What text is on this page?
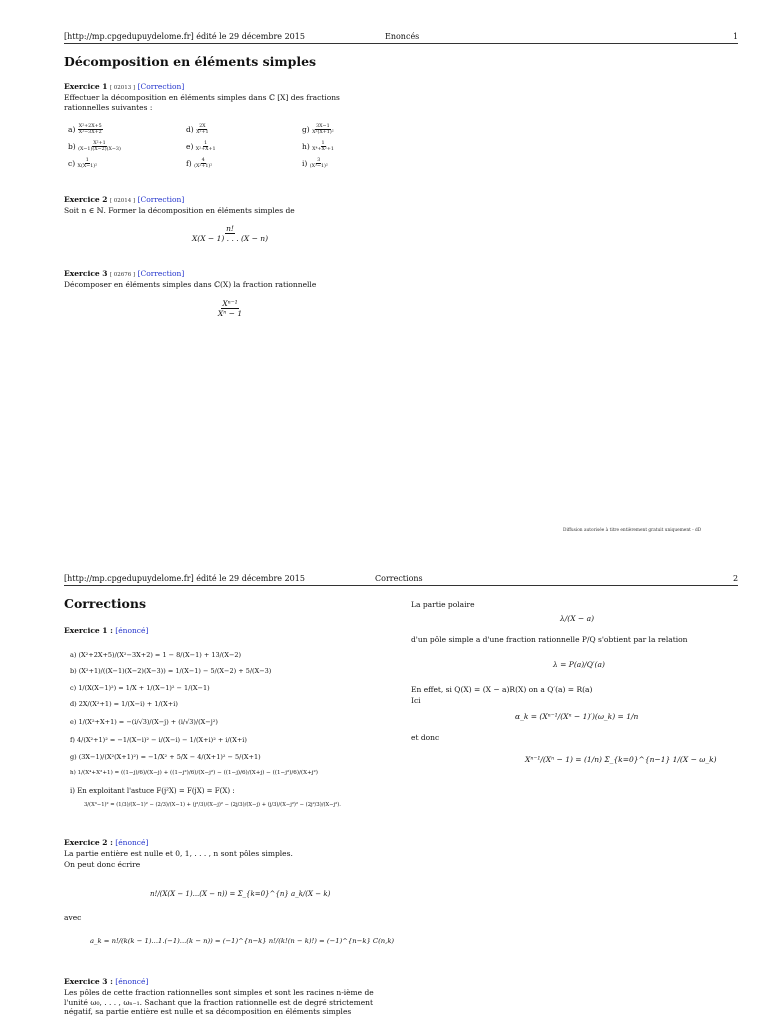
[http://mp.cpgedupuydelome.fr] édité le 29 décembre 2015	Enoncés	1
Décomposition en éléments simples
Exercice 1 [ 02013 ] [Correction]
Effectuer la décomposition en éléments simples dans ℂ [X] des fractions rationnelles suivantes :
$a) \frac{\text{X²+2X+5}}{\text{X²−3X+2}}$	$d) \frac{2X}{\text{X²+1}}$	$g) \frac{3X-1}{\text{X²(X+1)²}}$
$b) \frac{\text{X²+1}}{(X-1)(X-2)(X-3)}$	$e) \frac{1}{\text{X²+X+1}}$	$h) \frac{1}{\text{X⁴+X²+1}}$
$c) \frac{1}{\text{X(X−1)²}}$	$f) \frac{4}{\text{(X²+1)²}}$	$i) \frac{3}{\text{(X³−1)²}}$
Exercice 2 [ 02014 ] [Correction]
Soit n ∈ ℕ. Former la décomposition en éléments simples de
$\frac{n!}{X(X - 1) . . . (X - n)}$
Exercice 3 [ 02676 ] [Correction]
Décomposer en éléments simples dans ℂ(X) la fraction rationnelle
$\frac{\text{Xⁿ⁻¹}}{\text{Xⁿ − 1}}$
Diffusion autorisée à titre entièrement gratuit uniquement - dD
[http://mp.cpgedupuydelome.fr] édité le 29 décembre 2015	Corrections	2
Corrections
Exercice 1 : [énoncé]
a) (X²+2X+5)/(X²−3X+2) = 1 − 8/(X−1) + 13/(X−2)
b) (X²+1)/((X−1)(X−2)(X−3)) = 1/(X−1) − 5/(X−2) + 5/(X−3)
c) 1/(X(X−1)²) = 1/X + 1/(X−1)² − 1/(X−1)
d) 2X/(X²+1) = 1/(X−i) + 1/(X+i)
e) 1/(X²+X+1) = −(i/√3)/(X−j) + (i/√3)/(X−j²)
f) 4/(X²+1)² = −1/(X−i)² − i/(X−i) − 1/(X+i)² + i/(X+i)
g) (3X−1)/(X²(X+1)²) = −1/X² + 5/X − 4/(X+1)² − 5/(X+1)
h) 1/(X⁴+X²+1) = ((1−j)/6)/(X−j) + ((1−j²)/6)/(X−j²) − ((1−j)/6)/(X+j) − ((1−j²)/6)/(X+j²)
i) En exploitant l'astuce F(j²X) = F(jX) = F(X) :
3/(X³−1)² = (1/3)/(X−1)² − (2/3)/(X−1) + (j²/3)/(X−j)² − (2j/3)/(X−j) + (j/3)/(X−j²)² − (2j²/3)/(X−j²).
Exercice 2 : [énoncé]
La partie entière est nulle et 0, 1, . . . , n sont pôles simples.
On peut donc écrire
n!/(X(X − 1)...(X − n)) = Σ_{k=0}^{n} a_k/(X − k)
avec
a_k = n!/(k(k − 1)...1.(−1)...(k − n)) = (−1)^{n−k} n!/(k!(n − k)!) = (−1)^{n−k} C(n,k)
Exercice 3 : [énoncé]
Les pôles de cette fraction rationnelles sont simples et sont les racines n-ième de l'unité ω₀, . . . , ωₙ₋₁. Sachant que la fraction rationnelle est de degré strictement négatif, sa partie entière est nulle et sa décomposition en éléments simples
La partie polaire
λ/(X − a)
d'un pôle simple a d'une fraction rationnelle P/Q s'obtient par la relation
λ = P(a)/Q′(a)
En effet, si Q(X) = (X − a)R(X) on a Q′(a) = R(a)
Ici
α_k = (Xⁿ⁻¹/(Xⁿ − 1)′)(ω_k) = 1/n
et donc
Xⁿ⁻¹/(Xⁿ − 1) = (1/n) Σ_{k=0}^{n−1} 1/(X − ω_k)
